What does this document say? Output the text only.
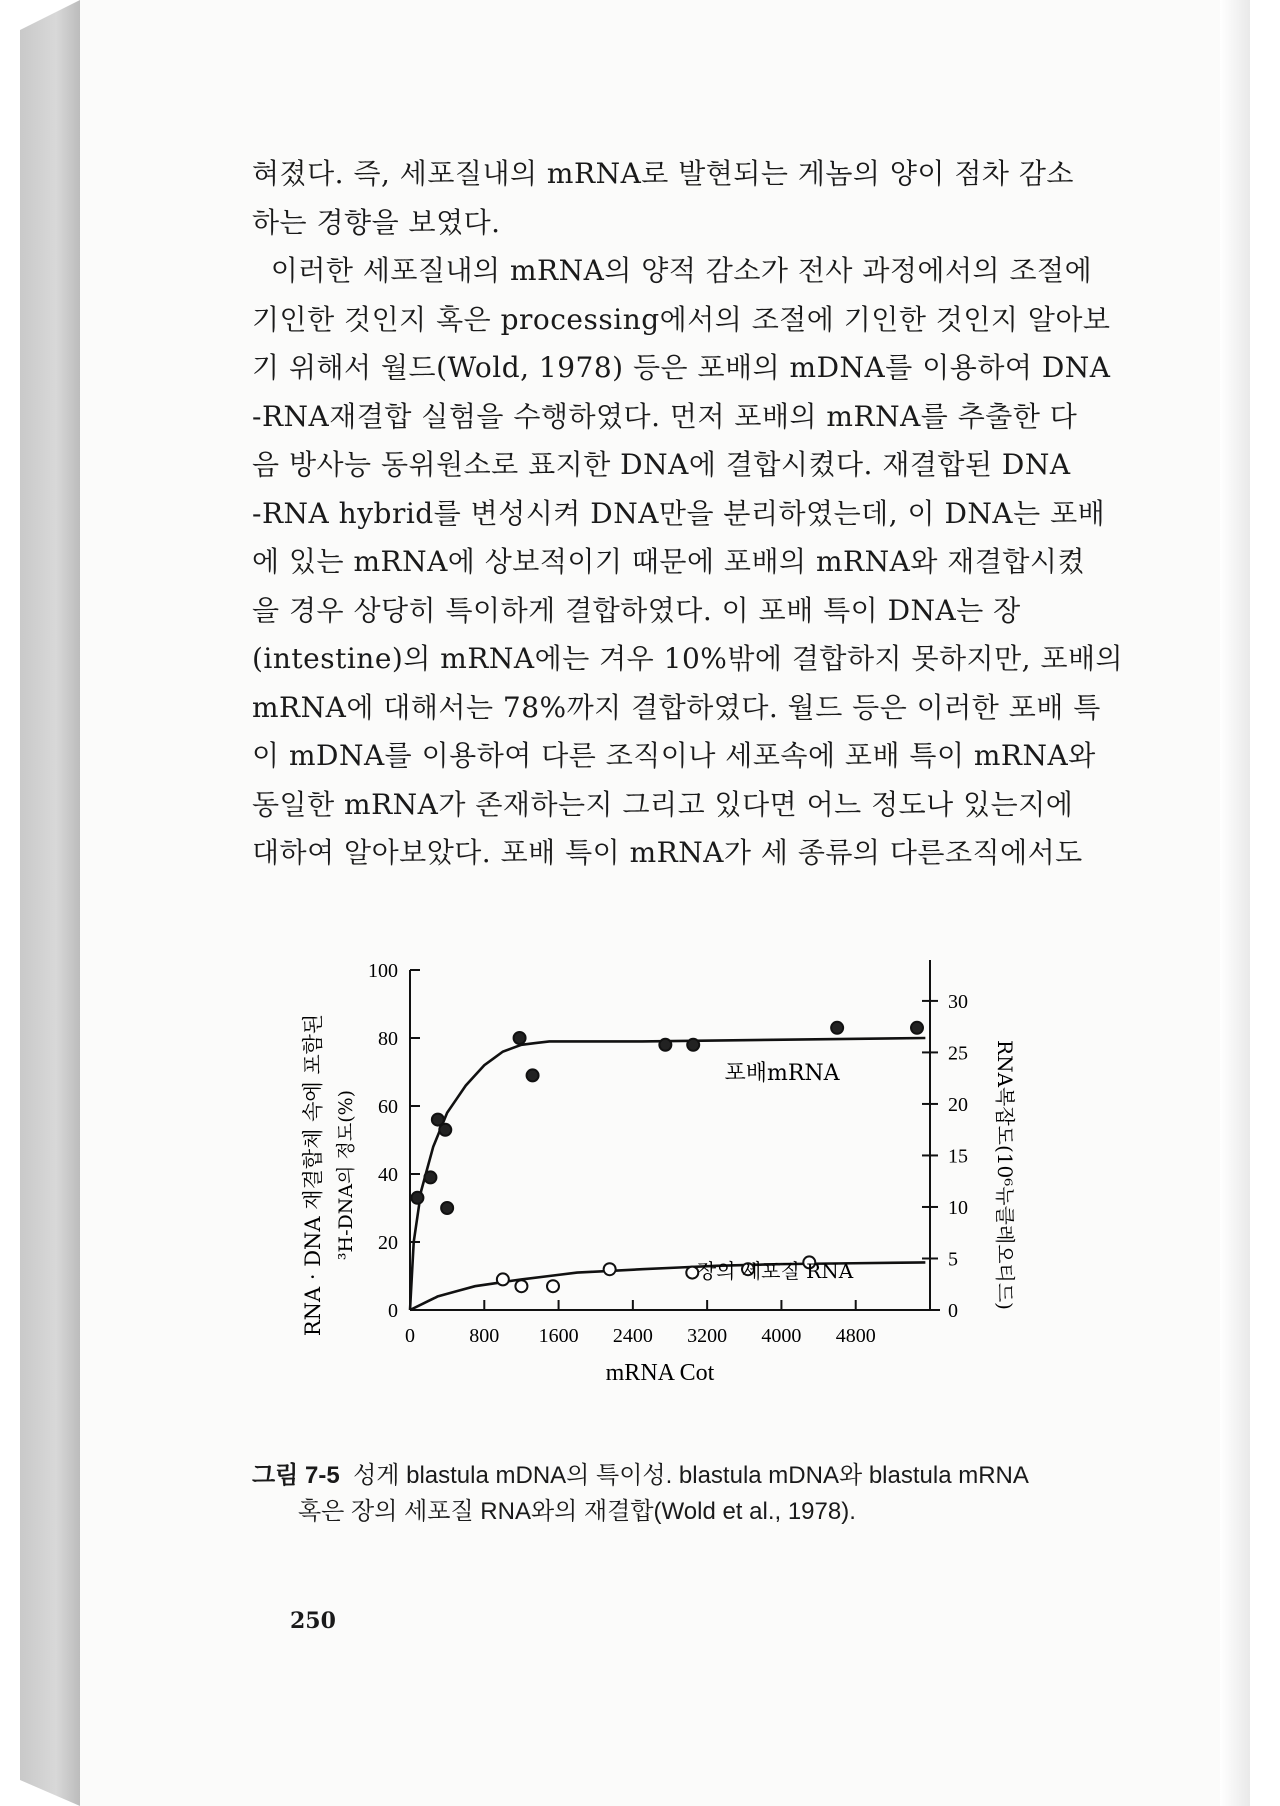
혀졌다. 즉, 세포질내의 mRNA로 발현되는 게놈의 양이 점차 감소

하는 경향을 보였다.

이러한 세포질내의 mRNA의 양적 감소가 전사 과정에서의 조절에

기인한 것인지 혹은 processing에서의 조절에 기인한 것인지 알아보

기 위해서 월드(Wold, 1978) 등은 포배의 mDNA를 이용하여 DNA

-RNA재결합 실험을 수행하였다. 먼저 포배의 mRNA를 추출한 다

음 방사능 동위원소로 표지한 DNA에 결합시켰다. 재결합된 DNA

-RNA hybrid를 변성시켜 DNA만을 분리하였는데, 이 DNA는 포배

에 있는 mRNA에 상보적이기 때문에 포배의 mRNA와 재결합시켰

을 경우 상당히 특이하게 결합하였다. 이 포배 특이 DNA는 장

(intestine)의 mRNA에는 겨우 10%밖에 결합하지 못하지만, 포배의

mRNA에 대해서는 78%까지 결합하였다. 월드 등은 이러한 포배 특

이 mDNA를 이용하여 다른 조직이나 세포속에 포배 특이 mRNA와

동일한 mRNA가 존재하는지 그리고 있다면 어느 정도나 있는지에

대하여 알아보았다. 포배 특이 mRNA가 세 종류의 다른조직에서도

0
20
40
60
80
100
0	800 1600 2400 3200 4000 4800
0
5
10
15
20
25
30
mRNA Cot
RNA · DNA 재결합체 속에 포함된 ³H-DNA의 정도(%)	RNA복잡도(10⁶뉴클레오티드)
포배mRNA
장의 세포질 RNA
그림 7-5 성게 blastula mDNA의 특이성. blastula mDNA와 blastula mRNA
혹은 장의 세포질 RNA와의 재결합(Wold et al., 1978).
250
